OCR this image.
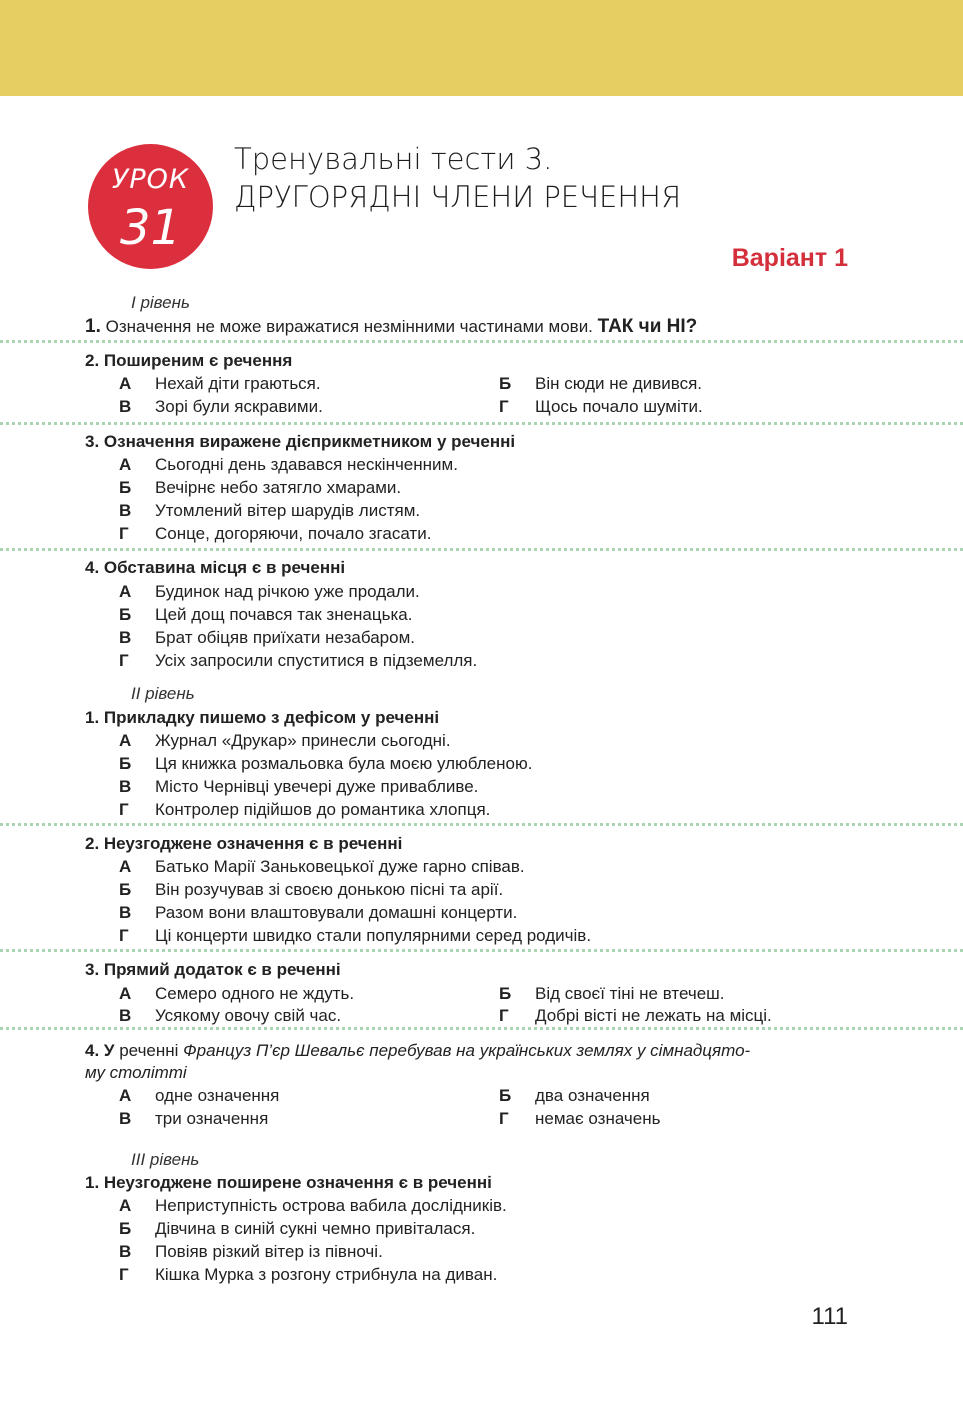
УРОК
31
Тренувальні тести 3.
ДРУГОРЯДНІ ЧЛЕНИ РЕЧЕННЯ
Варіант 1
І рівень
1. Означення не може виражатися незмінними частинами мови. ТАК чи НІ?
2. Поширеним є речення
А	Нехай діти граються.	Б	Він сюди не дивився.
В	Зорі були яскравими.	Г	Щось почало шуміти.
3. Означення виражене дієприкметником у реченні
А	Сьогодні день здавався нескінченним.
Б	Вечірнє небо затягло хмарами.
В	Утомлений вітер шарудів листям.
Г	Сонце, догоряючи, почало згасати.
4. Обставина місця є в реченні
А	Будинок над річкою уже продали.
Б	Цей дощ почався так зненацька.
В	Брат обіцяв приїхати незабаром.
Г	Усіх запросили спуститися в підземелля.
ІІ рівень
1. Прикладку пишемо з дефісом у реченні
А	Журнал «Друкар» принесли сьогодні.
Б	Ця книжка розмальовка була моєю улюбленою.
В	Місто Чернівці увечері дуже привабливе.
Г	Контролер підійшов до романтика хлопця.
2. Неузгоджене означення є в реченні
А	Батько Марії Заньковецької дуже гарно співав.
Б	Він розучував зі своєю донькою пісні та арії.
В	Разом вони влаштовували домашні концерти.
Г	Ці концерти швидко стали популярними серед родичів.
3. Прямий додаток є в реченні
А	Семеро одного не ждуть.	Б	Від своєї тіні не втечеш.
В	Усякому овочу свій час.	Г	Добрі вісті не лежать на місці.
4. У реченні Француз П’єр Шевальє перебував на українських землях у сімнадцято-
му столітті
А	одне означення	Б	два означення
В	три означення	Г	немає означень
ІІІ рівень
1. Неузгоджене поширене означення є в реченні
А	Неприступність острова вабила дослідників.
Б	Дівчина в синій сукні чемно привіталася.
В	Повіяв різкий вітер із півночі.
Г	Кішка Мурка з розгону стрибнула на диван.
111
